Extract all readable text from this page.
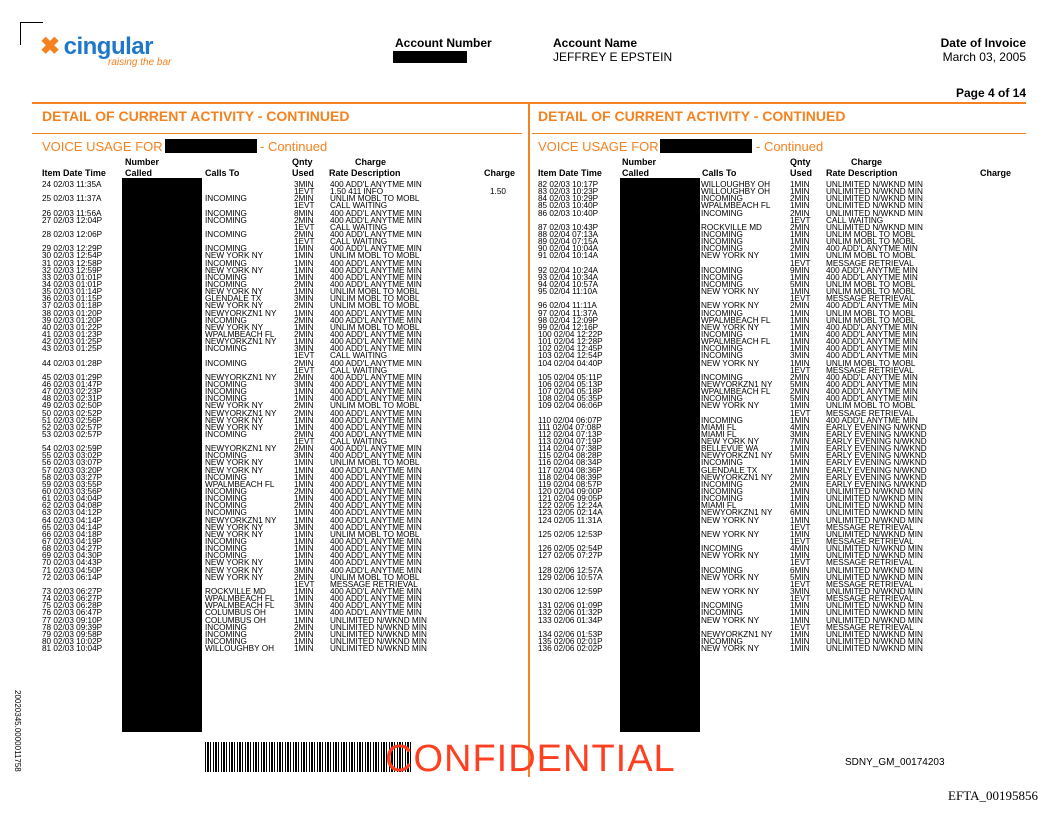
✖ cingular
raising the bar
Account Number	Account Name
JEFFREY E EPSTEIN
Date of Invoice
March 03, 2005
Page 4 of 14
DETAIL OF CURRENT ACTIVITY - CONTINUED	DETAIL OF CURRENT ACTIVITY - CONTINUED
VOICE USAGE FOR	- Continued	VOICE USAGE FOR	- Continued
Number
Called
Item Date Time	Calls To
Qnty
Used
Charge
Rate Description	Charge
Number
Called
Item Date Time	Calls To
Qnty
Used
Charge
Rate Description	Charge
24 02/03 11:35A	3MIN 400 ADD'L ANYTME MIN
1EVT 1.50 411 INFO	1.50
25 02/03 11:37A	INCOMING	2MIN UNLIM MOBL TO MOBL
1EVT CALL WAITING
26 02/03 11:56A	INCOMING	8MIN 400 ADD'L ANYTME MIN
27 02/03 12:04P	INCOMING	2MIN 400 ADD'L ANYTME MIN
1EVT CALL WAITING
28 02/03 12:06P	INCOMING	2MIN 400 ADD'L ANYTME MIN
1EVT CALL WAITING
29 02/03 12:29P	INCOMING	1MIN 400 ADD'L ANYTME MIN
30 02/03 12:54P	NEW YORK NY	1MIN UNLIM MOBL TO MOBL
31 02/03 12:58P	INCOMING	1MIN 400 ADD'L ANYTME MIN
32 02/03 12:59P	NEW YORK NY	1MIN 400 ADD'L ANYTME MIN
33 02/03 01:01P	INCOMING	1MIN 400 ADD'L ANYTME MIN
34 02/03 01:01P	INCOMING	2MIN 400 ADD'L ANYTME MIN
35 02/03 01:14P	NEW YORK NY	1MIN UNLIM MOBL TO MOBL
36 02/03 01:15P	GLENDALE TX	3MIN UNLIM MOBL TO MOBL
37 02/03 01:18P	NEW YORK NY	2MIN UNLIM MOBL TO MOBL
38 02/03 01:20P	NEWYORKZN1 NY 1MIN 400 ADD'L ANYTME MIN
39 02/03 01:20P	INCOMING	2MIN 400 ADD'L ANYTME MIN
40 02/03 01:22P	NEW YORK NY	1MIN UNLIM MOBL TO MOBL
41 02/03 01:23P	WPALMBEACH FL 2MIN 400 ADD'L ANYTME MIN
42 02/03 01:25P	NEWYORKZN1 NY 1MIN 400 ADD'L ANYTME MIN
43 02/03 01:25P	INCOMING	3MIN 400 ADD'L ANYTME MIN
1EVT CALL WAITING
44 02/03 01:28P	INCOMING	2MIN 400 ADD'L ANYTME MIN
1EVT CALL WAITING
45 02/03 01:29P	NEWYORKZN1 NY 2MIN 400 ADD'L ANYTME MIN
46 02/03 01:47P	INCOMING	3MIN 400 ADD'L ANYTME MIN
47 02/03 02:23P	INCOMING	1MIN 400 ADD'L ANYTME MIN
48 02/03 02:31P	INCOMING	1MIN 400 ADD'L ANYTME MIN
49 02/03 02:50P	NEW YORK NY	2MIN UNLIM MOBL TO MOBL
50 02/03 02:52P	NEWYORKZN1 NY 2MIN 400 ADD'L ANYTME MIN
51 02/03 02:56P	NEW YORK NY	1MIN 400 ADD'L ANYTME MIN
52 02/03 02:57P	NEW YORK NY	1MIN 400 ADD'L ANYTME MIN
53 02/03 02:57P	INCOMING	2MIN 400 ADD'L ANYTME MIN
1EVT CALL WAITING
54 02/03 02:59P	NEWYORKZN1 NY 2MIN 400 ADD'L ANYTME MIN
55 02/03 03:02P	INCOMING	3MIN 400 ADD'L ANYTME MIN
56 02/03 03:07P	NEW YORK NY	1MIN UNLIM MOBL TO MOBL
57 02/03 03:20P	NEW YORK NY	1MIN 400 ADD'L ANYTME MIN
58 02/03 03:27P	INCOMING	1MIN 400 ADD'L ANYTME MIN
59 02/03 03:55P	WPALMBEACH FL 1MIN 400 ADD'L ANYTME MIN
60 02/03 03:56P	INCOMING	2MIN 400 ADD'L ANYTME MIN
61 02/03 04:04P	INCOMING	1MIN 400 ADD'L ANYTME MIN
62 02/03 04:08P	INCOMING	2MIN 400 ADD'L ANYTME MIN
63 02/03 04:12P	INCOMING	1MIN 400 ADD'L ANYTME MIN
64 02/03 04:14P	NEWYORKZN1 NY 1MIN 400 ADD'L ANYTME MIN
65 02/03 04:14P	NEW YORK NY	3MIN 400 ADD'L ANYTME MIN
66 02/03 04:18P	NEW YORK NY	1MIN UNLIM MOBL TO MOBL
67 02/03 04:19P	INCOMING	1MIN 400 ADD'L ANYTME MIN
68 02/03 04:27P	INCOMING	1MIN 400 ADD'L ANYTME MIN
69 02/03 04:30P	INCOMING	1MIN 400 ADD'L ANYTME MIN
70 02/03 04:43P	NEW YORK NY	1MIN 400 ADD'L ANYTME MIN
71 02/03 04:50P	NEW YORK NY	3MIN 400 ADD'L ANYTME MIN
72 02/03 06:14P	NEW YORK NY	2MIN UNLIM MOBL TO MOBL
1EVT MESSAGE RETRIEVAL
73 02/03 06:27P	ROCKVILLE MD	1MIN 400 ADD'L ANYTME MIN
74 02/03 06:27P	WPALMBEACH FL 1MIN 400 ADD'L ANYTME MIN
75 02/03 06:28P	WPALMBEACH FL 3MIN 400 ADD'L ANYTME MIN
76 02/03 06:47P	COLUMBUS OH	1MIN 400 ADD'L ANYTME MIN
77 02/03 09:10P	COLUMBUS OH	1MIN UNLIMITED N/WKND MIN
78 02/03 09:39P	INCOMING	2MIN UNLIMITED N/WKND MIN
79 02/03 09:58P	INCOMING	2MIN UNLIMITED N/WKND MIN
80 02/03 10:02P	INCOMING	1MIN UNLIMITED N/WKND MIN
81 02/03 10:04P	WILLOUGHBY OH 1MIN UNLIMITED N/WKND MIN
82 02/03 10:17P	WILLOUGHBY OH 1MIN UNLIMITED N/WKND MIN
83 02/03 10:23P	WILLOUGHBY OH 1MIN UNLIMITED N/WKND MIN
84 02/03 10:29P	INCOMING	2MIN UNLIMITED N/WKND MIN
85 02/03 10:40P	WPALMBEACH FL 1MIN UNLIMITED N/WKND MIN
86 02/03 10:40P	INCOMING	2MIN UNLIMITED N/WKND MIN
1EVT CALL WAITING
87 02/03 10:43P	ROCKVILLE MD	2MIN UNLIMITED N/WKND MIN
88 02/04 07:13A	INCOMING	1MIN UNLIM MOBL TO MOBL
89 02/04 07:15A	INCOMING	1MIN UNLIM MOBL TO MOBL
90 02/04 10:04A	INCOMING	2MIN 400 ADD'L ANYTME MIN
91 02/04 10:14A	NEW YORK NY	1MIN UNLIM MOBL TO MOBL
1EVT MESSAGE RETRIEVAL
92 02/04 10:24A	INCOMING	9MIN 400 ADD'L ANYTME MIN
93 02/04 10:34A	INCOMING	1MIN 400 ADD'L ANYTME MIN
94 02/04 10:57A	INCOMING	5MIN UNLIM MOBL TO MOBL
95 02/04 11:10A	NEW YORK NY	1MIN UNLIM MOBL TO MOBL
1EVT MESSAGE RETRIEVAL
96 02/04 11:11A	NEW YORK NY	2MIN 400 ADD'L ANYTME MIN
97 02/04 11:37A	INCOMING	1MIN UNLIM MOBL TO MOBL
98 02/04 12:09P	WPALMBEACH FL 1MIN UNLIM MOBL TO MOBL
99 02/04 12:16P	NEW YORK NY	1MIN 400 ADD'L ANYTME MIN
100 02/04 12:22P	INCOMING	1MIN 400 ADD'L ANYTME MIN
101 02/04 12:28P	WPALMBEACH FL 1MIN 400 ADD'L ANYTME MIN
102 02/04 12:45P	INCOMING	1MIN 400 ADD'L ANYTME MIN
103 02/04 12:54P	INCOMING	3MIN 400 ADD'L ANYTME MIN
104 02/04 04:40P	NEW YORK NY	1MIN UNLIM MOBL TO MOBL
1EVT MESSAGE RETRIEVAL
105 02/04 05:11P	INCOMING	2MIN 400 ADD'L ANYTME MIN
106 02/04 05:13P	NEWYORKZN1 NY 5MIN 400 ADD'L ANYTME MIN
107 02/04 05:18P	WPALMBEACH FL 2MIN 400 ADD'L ANYTME MIN
108 02/04 05:35P	INCOMING	5MIN 400 ADD'L ANYTME MIN
109 02/04 06:06P	NEW YORK NY	1MIN UNLIM MOBL TO MOBL
1EVT MESSAGE RETRIEVAL
110 02/04 06:07P	INCOMING	1MIN 400 ADD'L ANYTME MIN
111 02/04 07:08P	MIAMI FL	4MIN EARLY EVENING N/WKND
112 02/04 07:13P	MIAMI FL	3MIN EARLY EVENING N/WKND
113 02/04 07:19P	NEW YORK NY	7MIN EARLY EVENING N/WKND
114 02/04 07:38P	BELLEVUE WA	1MIN EARLY EVENING N/WKND
115 02/04 08:28P	NEWYORKZN1 NY 5MIN EARLY EVENING N/WKND
116 02/04 08:34P	INCOMING	1MIN EARLY EVENING N/WKND
117 02/04 08:36P	GLENDALE TX	1MIN EARLY EVENING N/WKND
118 02/04 08:39P	NEWYORKZN1 NY 2MIN EARLY EVENING N/WKND
119 02/04 08:57P	INCOMING	2MIN EARLY EVENING N/WKND
120 02/04 09:00P	INCOMING	1MIN UNLIMITED N/WKND MIN
121 02/04 09:05P	INCOMING	1MIN UNLIMITED N/WKND MIN
122 02/05 12:24A	MIAMI FL	1MIN UNLIMITED N/WKND MIN
123 02/05 02:14A	NEWYORKZN1 NY 6MIN UNLIMITED N/WKND MIN
124 02/05 11:31A	NEW YORK NY	1MIN UNLIMITED N/WKND MIN
1EVT MESSAGE RETRIEVAL
125 02/05 12:53P	NEW YORK NY	1MIN UNLIMITED N/WKND MIN
1EVT MESSAGE RETRIEVAL
126 02/05 02:54P	INCOMING	4MIN UNLIMITED N/WKND MIN
127 02/05 07:27P	NEW YORK NY	1MIN UNLIMITED N/WKND MIN
1EVT MESSAGE RETRIEVAL
128 02/06 12:57A	INCOMING	6MIN UNLIMITED N/WKND MIN
129 02/06 10:57A	NEW YORK NY	5MIN UNLIMITED N/WKND MIN
1EVT MESSAGE RETRIEVAL
130 02/06 12:59P	NEW YORK NY	3MIN UNLIMITED N/WKND MIN
1EVT MESSAGE RETRIEVAL
131 02/06 01:09P	INCOMING	1MIN UNLIMITED N/WKND MIN
132 02/06 01:32P	INCOMING	1MIN UNLIMITED N/WKND MIN
133 02/06 01:34P	NEW YORK NY	1MIN UNLIMITED N/WKND MIN
1EVT MESSAGE RETRIEVAL
134 02/06 01:53P	NEWYORKZN1 NY 1MIN UNLIMITED N/WKND MIN
135 02/06 02:01P	INCOMING	1MIN UNLIMITED N/WKND MIN
136 02/06 02:02P	NEW YORK NY	1MIN UNLIMITED N/WKND MIN
20020345.0000011758	CONFIDENTIAL	SDNY_GM_00174203
EFTA_00195856
